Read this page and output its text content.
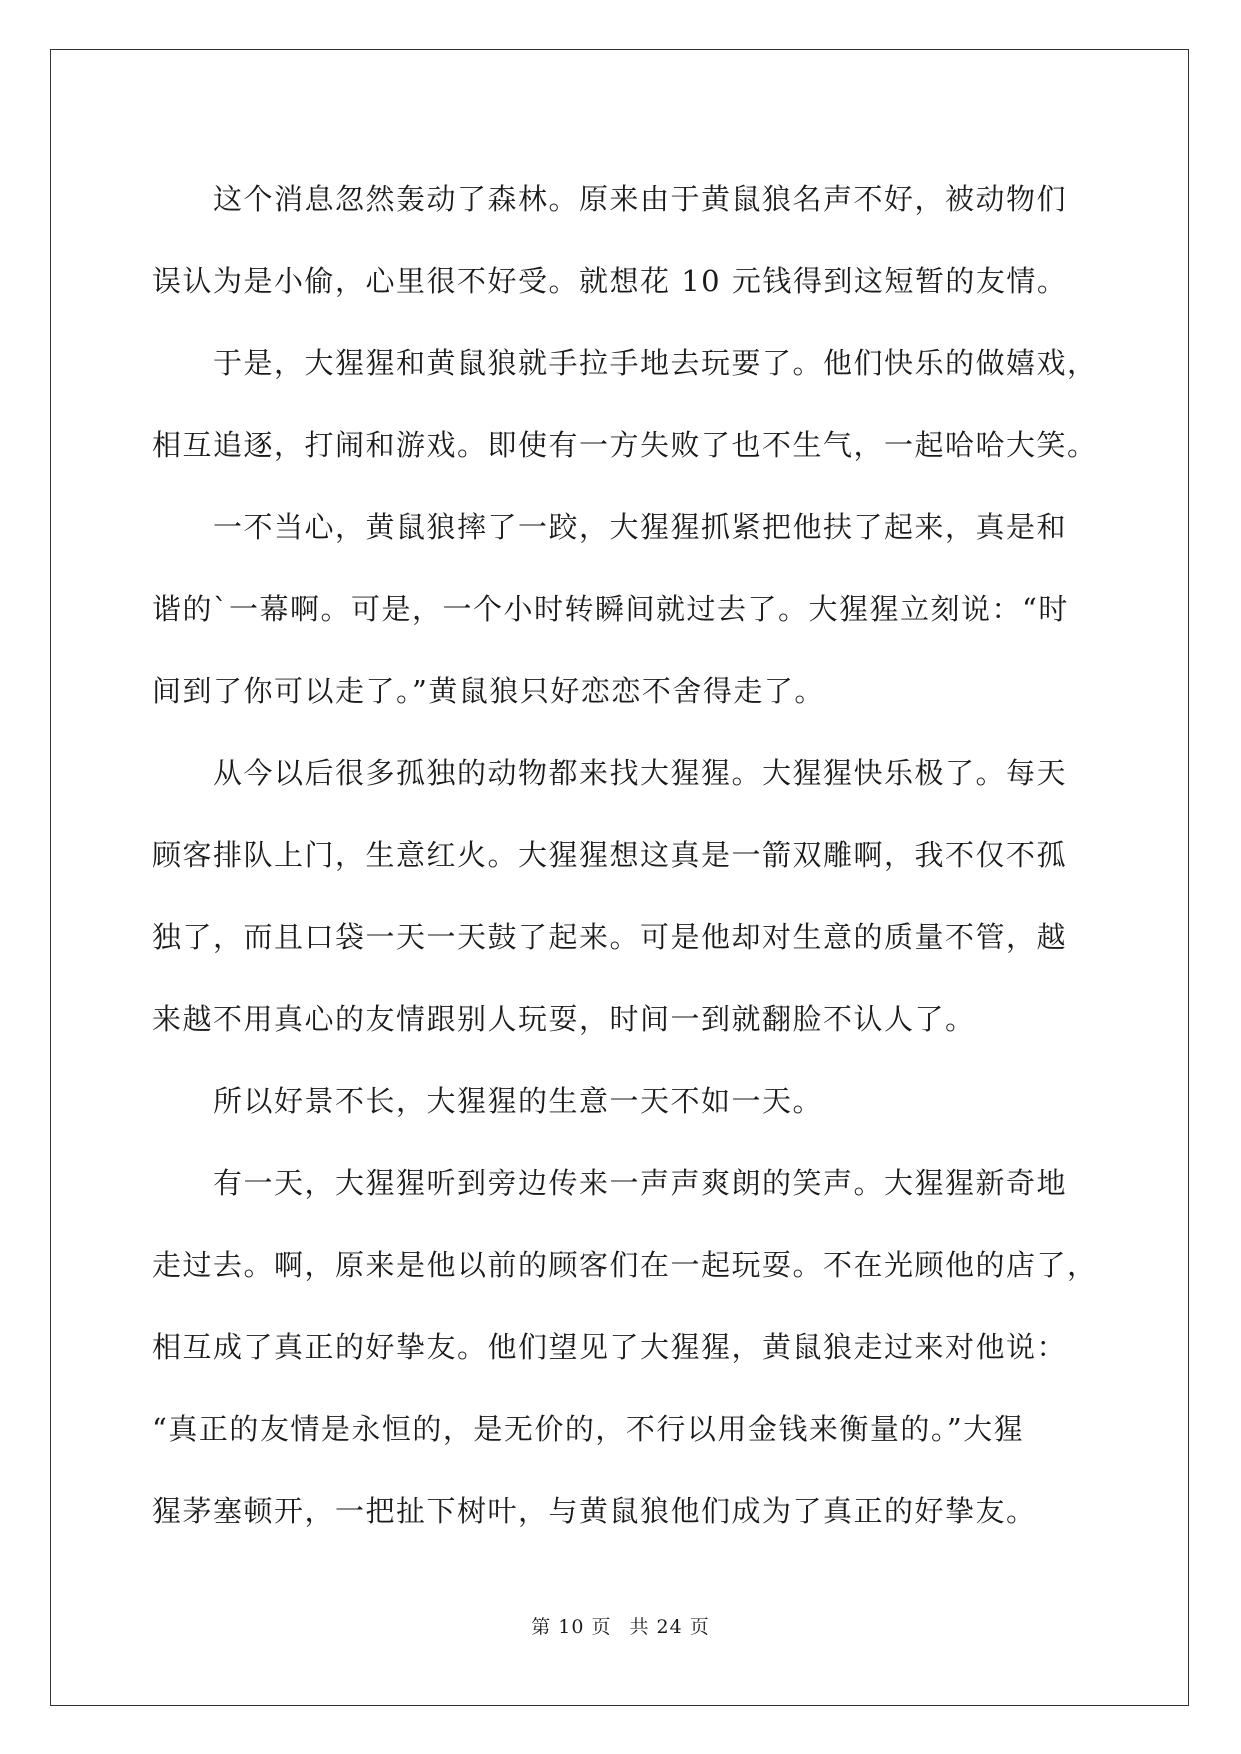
这个消息忽然轰动了森林。原来由于黄鼠狼名声不好，被动物们
误认为是小偷，心里很不好受。就想花 10 元钱得到这短暂的友情。

于是，大猩猩和黄鼠狼就手拉手地去玩要了。他们快乐的做嬉戏，
相互追逐，打闹和游戏。即使有一方失败了也不生气，一起哈哈大笑。

一不当心，黄鼠狼摔了一跤，大猩猩抓紧把他扶了起来，真是和
谐的`一幕啊。可是，一个小时转瞬间就过去了。大猩猩立刻说：“时
间到了你可以走了。”黄鼠狼只好恋恋不舍得走了。

从今以后很多孤独的动物都来找大猩猩。大猩猩快乐极了。每天
顾客排队上门，生意红火。大猩猩想这真是一箭双雕啊，我不仅不孤
独了，而且口袋一天一天鼓了起来。可是他却对生意的质量不管，越
来越不用真心的友情跟别人玩耍，时间一到就翻脸不认人了。

所以好景不长，大猩猩的生意一天不如一天。

有一天，大猩猩听到旁边传来一声声爽朗的笑声。大猩猩新奇地
走过去。啊，原来是他以前的顾客们在一起玩耍。不在光顾他的店了，
相互成了真正的好挚友。他们望见了大猩猩，黄鼠狼走过来对他说：
“真正的友情是永恒的，是无价的，不行以用金钱来衡量的。”大猩
猩茅塞顿开，一把扯下树叶，与黄鼠狼他们成为了真正的好挚友。

第 10 页 共 24 页
